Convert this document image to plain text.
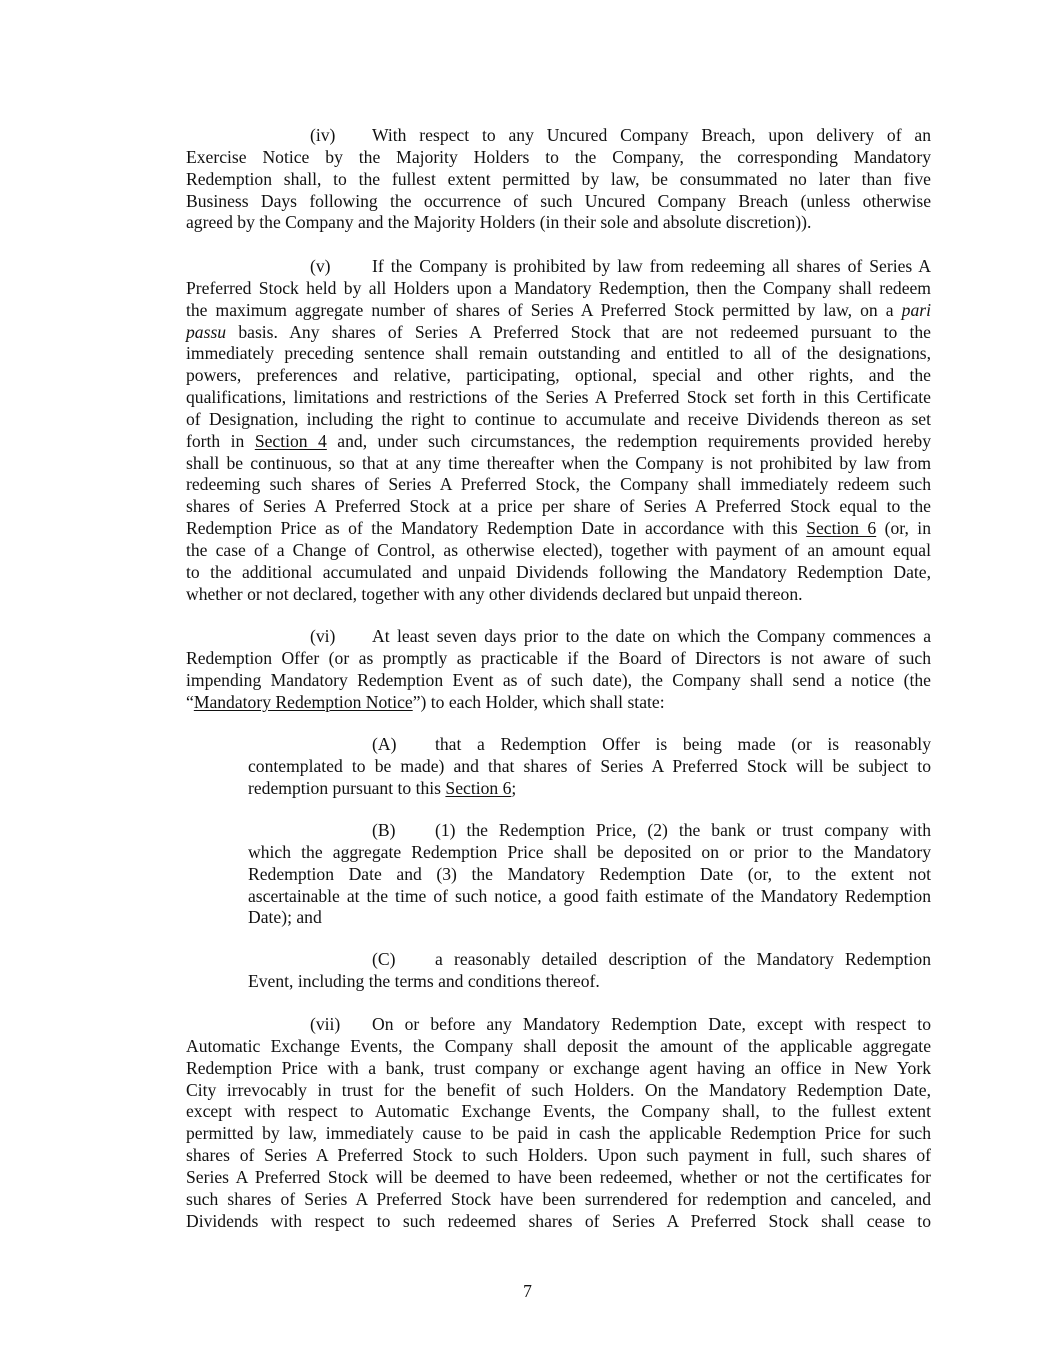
(iv) With respect to any Uncured Company Breach, upon delivery of an
Exercise Notice by the Majority Holders to the Company, the corresponding Mandatory
Redemption shall, to the fullest extent permitted by law, be consummated no later than five
Business Days following the occurrence of such Uncured Company Breach (unless otherwise
agreed by the Company and the Majority Holders (in their sole and absolute discretion)).
(v) If the Company is prohibited by law from redeeming all shares of Series A
Preferred Stock held by all Holders upon a Mandatory Redemption, then the Company shall redeem
the maximum aggregate number of shares of Series A Preferred Stock permitted by law, on a pari
passu basis. Any shares of Series A Preferred Stock that are not redeemed pursuant to the
immediately preceding sentence shall remain outstanding and entitled to all of the designations,
powers, preferences and relative, participating, optional, special and other rights, and the
qualifications, limitations and restrictions of the Series A Preferred Stock set forth in this Certificate
of Designation, including the right to continue to accumulate and receive Dividends thereon as set
forth in Section 4 and, under such circumstances, the redemption requirements provided hereby
shall be continuous, so that at any time thereafter when the Company is not prohibited by law from
redeeming such shares of Series A Preferred Stock, the Company shall immediately redeem such
shares of Series A Preferred Stock at a price per share of Series A Preferred Stock equal to the
Redemption Price as of the Mandatory Redemption Date in accordance with this Section 6 (or, in
the case of a Change of Control, as otherwise elected), together with payment of an amount equal
to the additional accumulated and unpaid Dividends following the Mandatory Redemption Date,
whether or not declared, together with any other dividends declared but unpaid thereon.
(vi) At least seven days prior to the date on which the Company commences a
Redemption Offer (or as promptly as practicable if the Board of Directors is not aware of such
impending Mandatory Redemption Event as of such date), the Company shall send a notice (the
“Mandatory Redemption Notice”) to each Holder, which shall state:
(A) that a Redemption Offer is being made (or is reasonably
contemplated to be made) and that shares of Series A Preferred Stock will be subject to
redemption pursuant to this Section 6;
(B) (1) the Redemption Price, (2) the bank or trust company with
which the aggregate Redemption Price shall be deposited on or prior to the Mandatory
Redemption Date and (3) the Mandatory Redemption Date (or, to the extent not
ascertainable at the time of such notice, a good faith estimate of the Mandatory Redemption
Date); and
(C) a reasonably detailed description of the Mandatory Redemption
Event, including the terms and conditions thereof.
(vii) On or before any Mandatory Redemption Date, except with respect to
Automatic Exchange Events, the Company shall deposit the amount of the applicable aggregate
Redemption Price with a bank, trust company or exchange agent having an office in New York
City irrevocably in trust for the benefit of such Holders. On the Mandatory Redemption Date,
except with respect to Automatic Exchange Events, the Company shall, to the fullest extent
permitted by law, immediately cause to be paid in cash the applicable Redemption Price for such
shares of Series A Preferred Stock to such Holders. Upon such payment in full, such shares of
Series A Preferred Stock will be deemed to have been redeemed, whether or not the certificates for
such shares of Series A Preferred Stock have been surrendered for redemption and canceled, and
Dividends with respect to such redeemed shares of Series A Preferred Stock shall cease to
7
